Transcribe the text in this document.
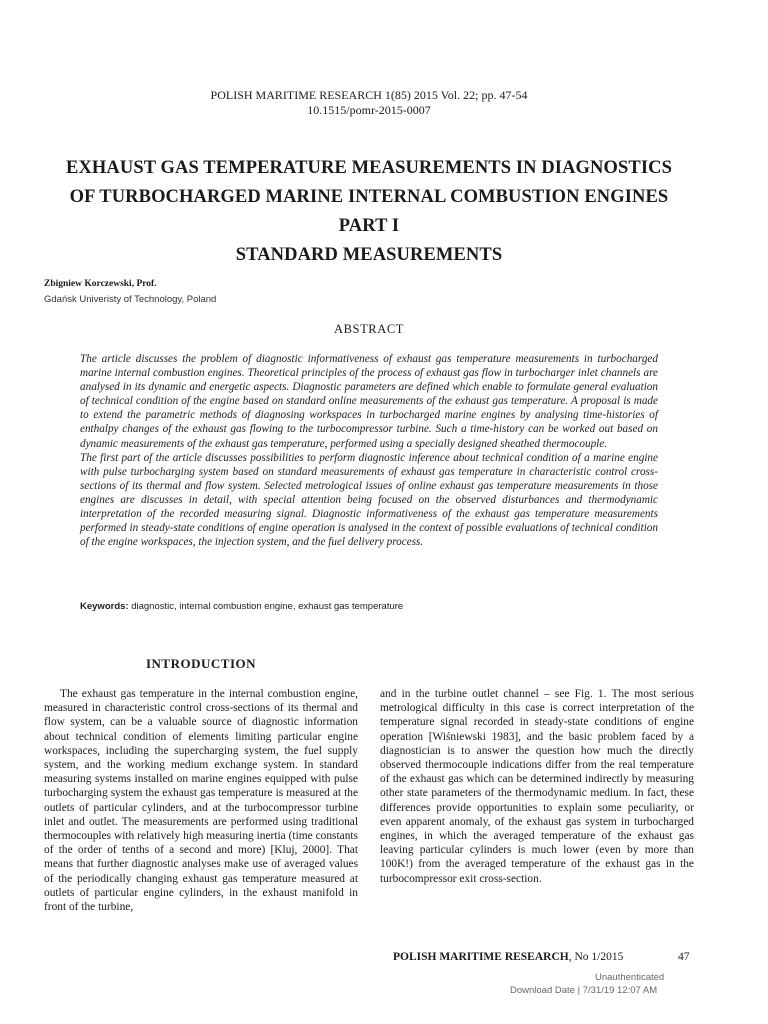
POLISH MARITIME RESEARCH 1(85) 2015 Vol. 22; pp. 47-54
10.1515/pomr-2015-0007
EXHAUST GAS TEMPERATURE MEASUREMENTS IN DIAGNOSTICS
OF TURBOCHARGED MARINE INTERNAL COMBUSTION ENGINES
PART I
STANDARD MEASUREMENTS
Zbigniew Korczewski, Prof.
Gdańsk Univeristy of Technology, Poland
ABSTRACT

The article discusses the problem of diagnostic informativeness of exhaust gas temperature measurements in turbocharged marine internal combustion engines. Theoretical principles of the process of exhaust gas flow in turbocharger inlet channels are analysed in its dynamic and energetic aspects. Diagnostic parameters are defined which enable to formulate general evaluation of technical condition of the engine based on standard online measurements of the exhaust gas temperature. A proposal is made to extend the parametric methods of diagnosing workspaces in turbocharged marine engines by analysing time-histories of enthalpy changes of the exhaust gas flowing to the turbocompressor turbine. Such a time-history can be worked out based on dynamic measurements of the exhaust gas temperature, performed using a specially designed sheathed thermocouple.

The first part of the article discusses possibilities to perform diagnostic inference about technical condition of a marine engine with pulse turbocharging system based on standard measurements of exhaust gas temperature in characteristic control cross-sections of its thermal and flow system. Selected metrological issues of online exhaust gas temperature measurements in those engines are discusses in detail, with special attention being focused on the observed disturbances and thermodynamic interpretation of the recorded measuring signal. Diagnostic informativeness of the exhaust gas temperature measurements performed in steady-state conditions of engine operation is analysed in the context of possible evaluations of technical condition of the engine workspaces, the injection system, and the fuel delivery process.

Keywords: diagnostic, internal combustion engine, exhaust gas temperature
INTRODUCTION

The exhaust gas temperature in the internal combustion engine, measured in characteristic control cross-sections of its thermal and flow system, can be a valuable source of diagnostic information about technical condition of elements limiting particular engine workspaces, including the supercharging system, the fuel supply system, and the working medium exchange system. In standard measuring systems installed on marine engines equipped with pulse turbocharging system the exhaust gas temperature is measured at the outlets of particular cylinders, and at the turbocompressor turbine inlet and outlet. The measurements are performed using traditional thermocouples with relatively high measuring inertia (time constants of the order of tenths of a second and more) [Kluj, 2000]. That means that further diagnostic analyses make use of averaged values of the periodically changing exhaust gas temperature measured at outlets of particular engine cylinders, in the exhaust manifold in front of the turbine,

and in the turbine outlet channel – see Fig. 1. The most serious metrological difficulty in this case is correct interpretation of the temperature signal recorded in steady-state conditions of engine operation [Wiśniewski 1983], and the basic problem faced by a diagnostician is to answer the question how much the directly observed thermocouple indications differ from the real temperature of the exhaust gas which can be determined indirectly by measuring other state parameters of the thermodynamic medium. In fact, these differences provide opportunities to explain some peculiarity, or even apparent anomaly, of the exhaust gas system in turbocharged engines, in which the averaged temperature of the exhaust gas leaving particular cylinders is much lower (even by more than 100K!) from the averaged temperature of the exhaust gas in the turbocompressor exit cross-section.

POLISH MARITIME RESEARCH, No 1/2015	47
Unauthenticated
Download Date | 7/31/19 12:07 AM
